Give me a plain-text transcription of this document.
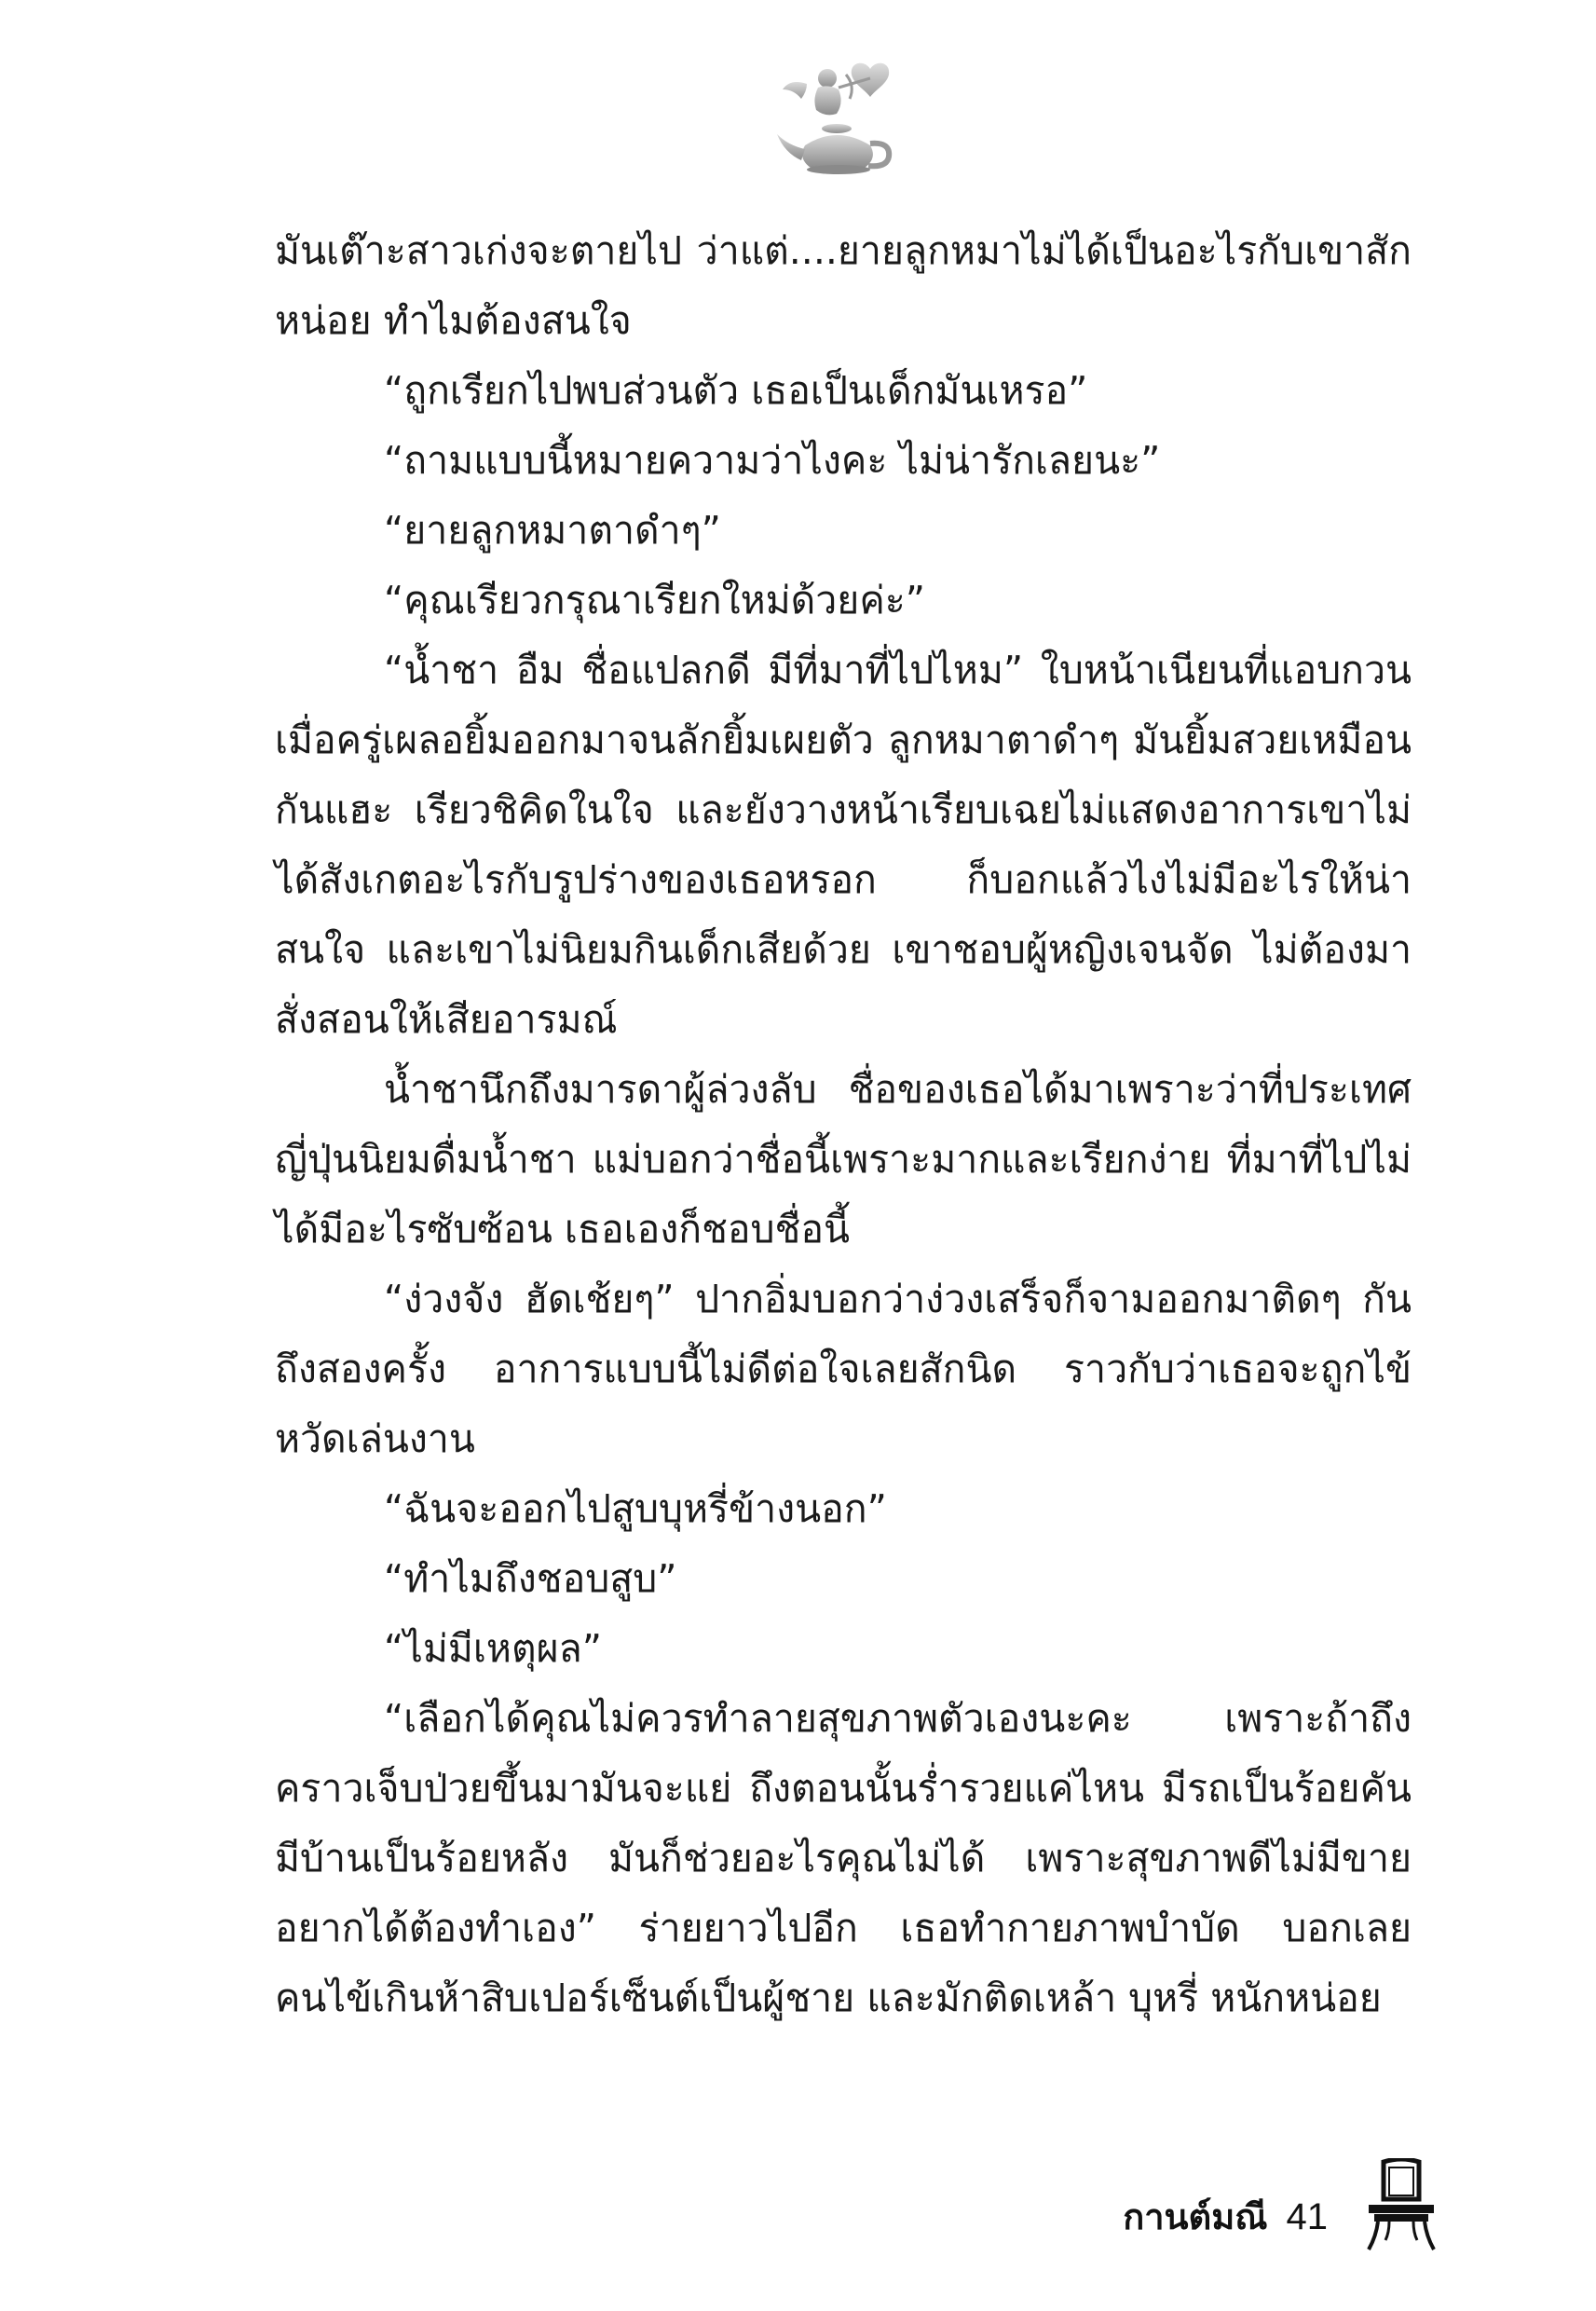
มันเต๊าะสาวเก่งจะตายไป ว่าแต่....ยายลูกหมาไม่ได้เป็นอะไรกับเขาสักหน่อย ทำไมต้องสนใจ

“ถูกเรียกไปพบส่วนตัว เธอเป็นเด็กมันเหรอ”

“ถามแบบนี้หมายความว่าไงคะ ไม่น่ารักเลยนะ”

“ยายลูกหมาตาดำๆ”

“คุณเรียวกรุณาเรียกใหม่ด้วยค่ะ”

“น้ำชา อืม ชื่อแปลกดี มีที่มาที่ไปไหม” ใบหน้าเนียนที่แอบกวนเมื่อครู่เผลอยิ้มออกมาจนลักยิ้มเผยตัว ลูกหมาตาดำๆ มันยิ้มสวยเหมือนกันแฮะ เรียวชิคิดในใจ และยังวางหน้าเรียบเฉยไม่แสดงอาการเขาไม่ได้สังเกตอะไรกับรูปร่างของเธอหรอก ก็บอกแล้วไงไม่มีอะไรให้น่าสนใจ และเขาไม่นิยมกินเด็กเสียด้วย เขาชอบผู้หญิงเจนจัด ไม่ต้องมาสั่งสอนให้เสียอารมณ์

น้ำชานึกถึงมารดาผู้ล่วงลับ ชื่อของเธอได้มาเพราะว่าที่ประเทศญี่ปุ่นนิยมดื่มน้ำชา แม่บอกว่าชื่อนี้เพราะมากและเรียกง่าย ที่มาที่ไปไม่ได้มีอะไรซับซ้อน เธอเองก็ชอบชื่อนี้

“ง่วงจัง ฮัดเช้ยๆ” ปากอิ่มบอกว่าง่วงเสร็จก็จามออกมาติดๆ กันถึงสองครั้ง อาการแบบนี้ไม่ดีต่อใจเลยสักนิด ราวกับว่าเธอจะถูกไข้หวัดเล่นงาน

“ฉันจะออกไปสูบบุหรี่ข้างนอก”

“ทำไมถึงชอบสูบ”

“ไม่มีเหตุผล”

“เลือกได้คุณไม่ควรทำลายสุขภาพตัวเองนะคะ เพราะถ้าถึงคราวเจ็บป่วยขึ้นมามันจะแย่ ถึงตอนนั้นร่ำรวยแค่ไหน มีรถเป็นร้อยคันมีบ้านเป็นร้อยหลัง มันก็ช่วยอะไรคุณไม่ได้ เพราะสุขภาพดีไม่มีขายอยากได้ต้องทำเอง” ร่ายยาวไปอีก เธอทำกายภาพบำบัด บอกเลยคนไข้เกินห้าสิบเปอร์เซ็นต์เป็นผู้ชาย และมักติดเหล้า บุหรี่ หนักหน่อย

กานต์มณี 41
